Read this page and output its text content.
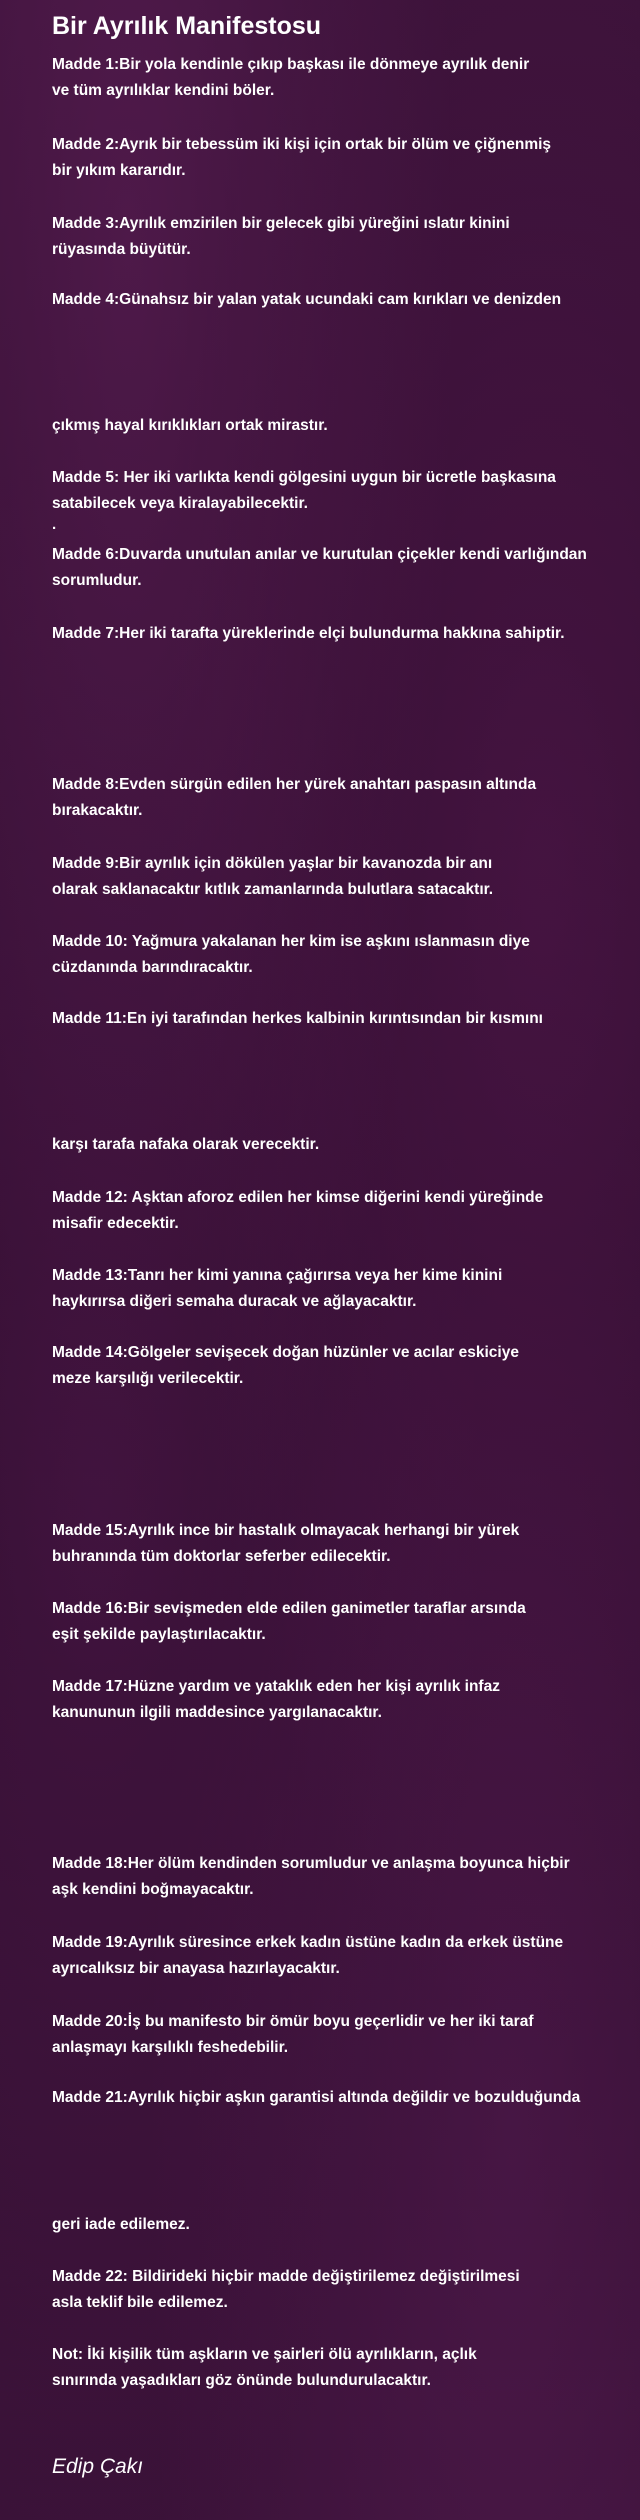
Bir Ayrılık Manifestosu
Madde 1:Bir yola kendinle çıkıp başkası ile dönmeye ayrılık denir
ve tüm ayrılıklar kendini böler.
Madde 2:Ayrık bir tebessüm iki kişi için ortak bir ölüm ve çiğnenmiş
bir yıkım kararıdır.
Madde 3:Ayrılık emzirilen bir gelecek gibi yüreğini ıslatır kinini
rüyasında büyütür.
Madde 4:Günahsız bir yalan yatak ucundaki cam kırıkları ve denizden
çıkmış hayal kırıklıkları ortak mirastır.
Madde 5: Her iki varlıkta kendi gölgesini uygun bir ücretle başkasına
satabilecek veya kiralayabilecektir.
.
Madde 6:Duvarda unutulan anılar ve kurutulan çiçekler kendi varlığından
sorumludur.
Madde 7:Her iki tarafta yüreklerinde elçi bulundurma hakkına sahiptir.
Madde 8:Evden sürgün edilen her yürek anahtarı paspasın altında
bırakacaktır.
Madde 9:Bir ayrılık için dökülen yaşlar bir kavanozda bir anı
olarak saklanacaktır kıtlık zamanlarında bulutlara satacaktır.
Madde 10: Yağmura yakalanan her kim ise aşkını ıslanmasın diye
cüzdanında barındıracaktır.
Madde 11:En iyi tarafından herkes kalbinin kırıntısından bir kısmını
karşı tarafa nafaka olarak verecektir.
Madde 12: Aşktan aforoz edilen her kimse diğerini kendi yüreğinde
misafir edecektir.
Madde 13:Tanrı her kimi yanına çağırırsa veya her kime kinini
haykırırsa diğeri semaha duracak ve ağlayacaktır.
Madde 14:Gölgeler sevişecek doğan hüzünler ve acılar eskiciye
meze karşılığı verilecektir.
Madde 15:Ayrılık ince bir hastalık olmayacak herhangi bir yürek
buhranında tüm doktorlar seferber edilecektir.
Madde 16:Bir sevişmeden elde edilen ganimetler taraflar arsında
eşit şekilde paylaştırılacaktır.
Madde 17:Hüzne yardım ve yataklık eden her kişi ayrılık infaz
kanununun ilgili maddesince yargılanacaktır.
Madde 18:Her ölüm kendinden sorumludur ve anlaşma boyunca hiçbir
aşk kendini boğmayacaktır.
Madde 19:Ayrılık süresince erkek kadın üstüne kadın da erkek üstüne
ayrıcalıksız bir anayasa hazırlayacaktır.
Madde 20:İş bu manifesto bir ömür boyu geçerlidir ve her iki taraf
anlaşmayı karşılıklı feshedebilir.
Madde 21:Ayrılık hiçbir aşkın garantisi altında değildir ve bozulduğunda
geri iade edilemez.
Madde 22: Bildirideki hiçbir madde değiştirilemez değiştirilmesi
asla teklif bile edilemez.
Not: İki kişilik tüm aşkların ve şairleri ölü ayrılıkların, açlık
sınırında yaşadıkları göz önünde bulundurulacaktır.
Edip Çakı
